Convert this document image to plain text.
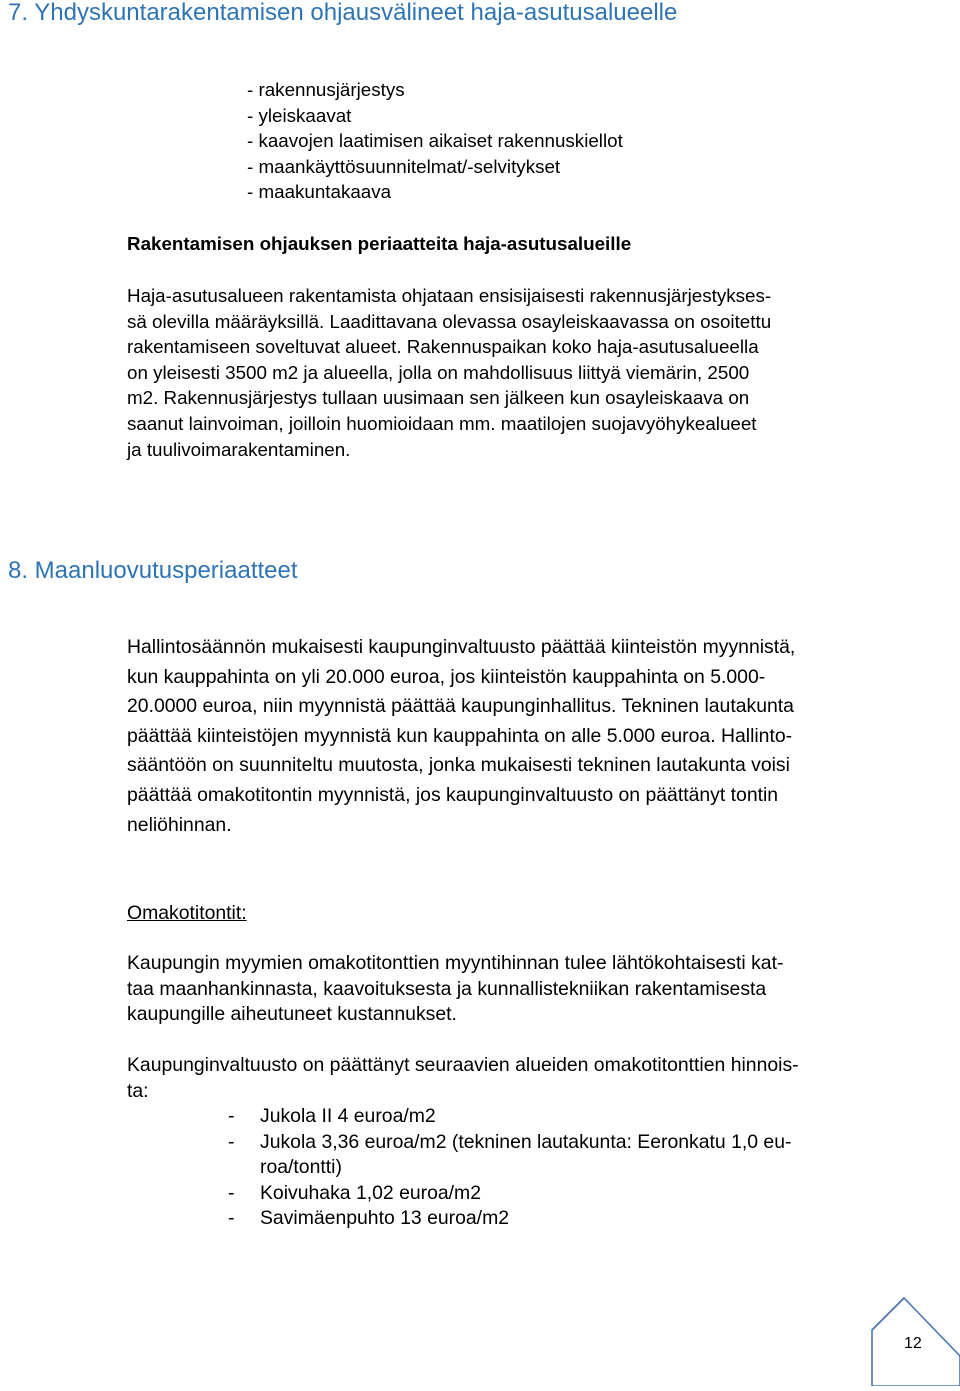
7. Yhdyskuntarakentamisen ohjausvälineet haja-asutusalueelle
- rakennusjärjestys
- yleiskaavat
- kaavojen laatimisen aikaiset rakennuskiellot
- maankäyttösuunnitelmat/-selvitykset
- maakuntakaava
Rakentamisen ohjauksen periaatteita haja-asutusalueille
Haja-asutusalueen rakentamista ohjataan ensisijaisesti rakennusjärjestykses-
sä olevilla määräyksillä. Laadittavana olevassa osayleiskaavassa on osoitettu
rakentamiseen soveltuvat alueet. Rakennuspaikan koko haja-asutusalueella
on yleisesti 3500 m2 ja alueella, jolla on mahdollisuus liittyä viemärin, 2500
m2. Rakennusjärjestys tullaan uusimaan sen jälkeen kun osayleiskaava on
saanut lainvoiman, joilloin huomioidaan mm. maatilojen suojavyöhykealueet
ja tuulivoimarakentaminen.
8. Maanluovutusperiaatteet
Hallintosäännön mukaisesti kaupunginvaltuusto päättää kiinteistön myynnistä,
kun kauppahinta on yli 20.000 euroa, jos kiinteistön kauppahinta on 5.000-
20.0000 euroa, niin myynnistä päättää kaupunginhallitus. Tekninen lautakunta
päättää kiinteistöjen myynnistä kun kauppahinta on alle 5.000 euroa. Hallinto-
sääntöön on suunniteltu muutosta, jonka mukaisesti tekninen lautakunta voisi
päättää omakotitontin myynnistä, jos kaupunginvaltuusto on päättänyt tontin
neliöhinnan.
Omakotitontit:
Kaupungin myymien omakotitonttien myyntihinnan tulee lähtökohtaisesti kat-
taa maanhankinnasta, kaavoituksesta ja kunnallistekniikan rakentamisesta
kaupungille aiheutuneet kustannukset.
Kaupunginvaltuusto on päättänyt seuraavien alueiden omakotitonttien hinnois-
ta:
- Jukola II 4 euroa/m2
- Jukola 3,36 euroa/m2 (tekninen lautakunta: Eeronkatu 1,0 eu-
roa/tontti)
- Koivuhaka 1,02 euroa/m2
- Savimäenpuhto 13 euroa/m2
12
